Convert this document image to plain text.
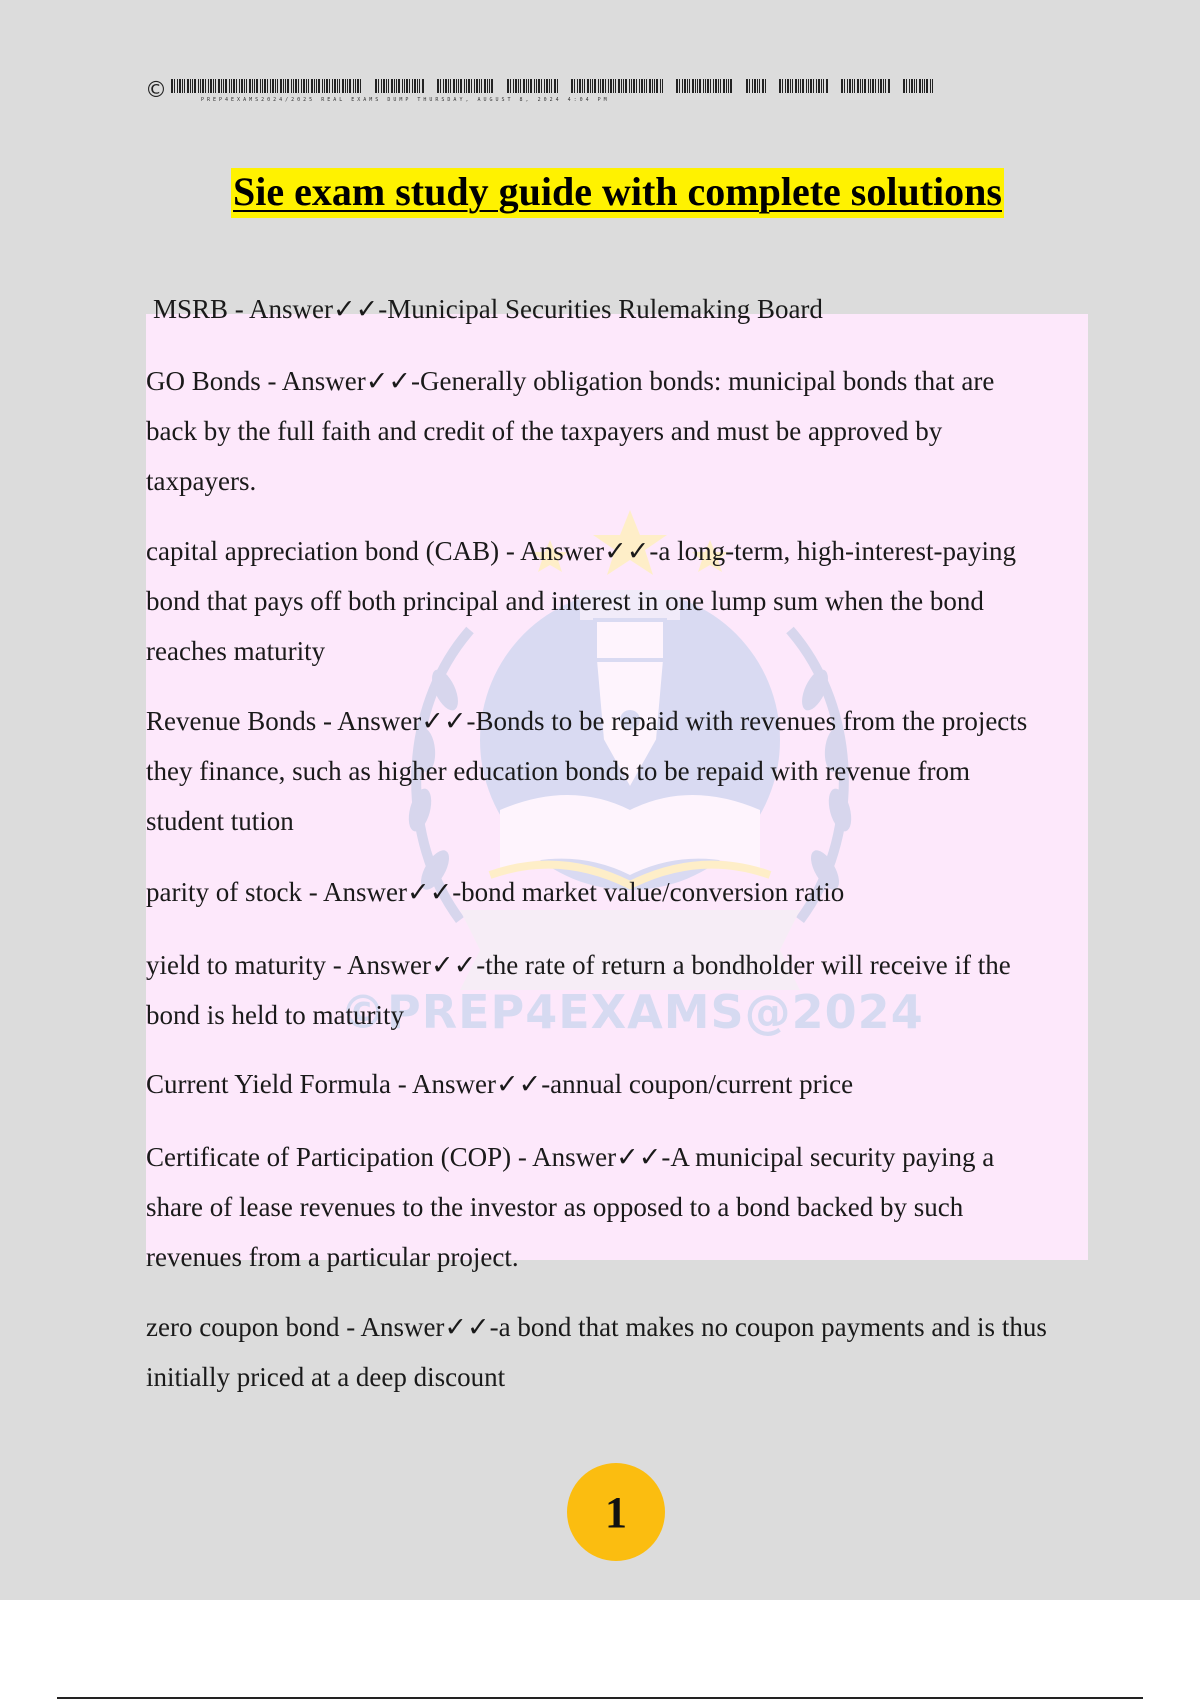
©	PREP4EXAMS2024/2025 REAL EXAMS DUMP THURSDAY, AUGUST 8, 2024 4:04 PM
Sie exam study guide with complete solutions
©PREP4EXAMS@2024
MSRB - Answer✓✓-Municipal Securities Rulemaking Board
GO Bonds - Answer✓✓-Generally obligation bonds: municipal bonds that are
back by the full faith and credit of the taxpayers and must be approved by
taxpayers.
capital appreciation bond (CAB) - Answer✓✓-a long-term, high-interest-paying
bond that pays off both principal and interest in one lump sum when the bond
reaches maturity
Revenue Bonds - Answer✓✓-Bonds to be repaid with revenues from the projects
they finance, such as higher education bonds to be repaid with revenue from
student tution
parity of stock - Answer✓✓-bond market value/conversion ratio
yield to maturity - Answer✓✓-the rate of return a bondholder will receive if the
bond is held to maturity
Current Yield Formula - Answer✓✓-annual coupon/current price
Certificate of Participation (COP) - Answer✓✓-A municipal security paying a
share of lease revenues to the investor as opposed to a bond backed by such
revenues from a particular project.
zero coupon bond - Answer✓✓-a bond that makes no coupon payments and is thus
initially priced at a deep discount
1
